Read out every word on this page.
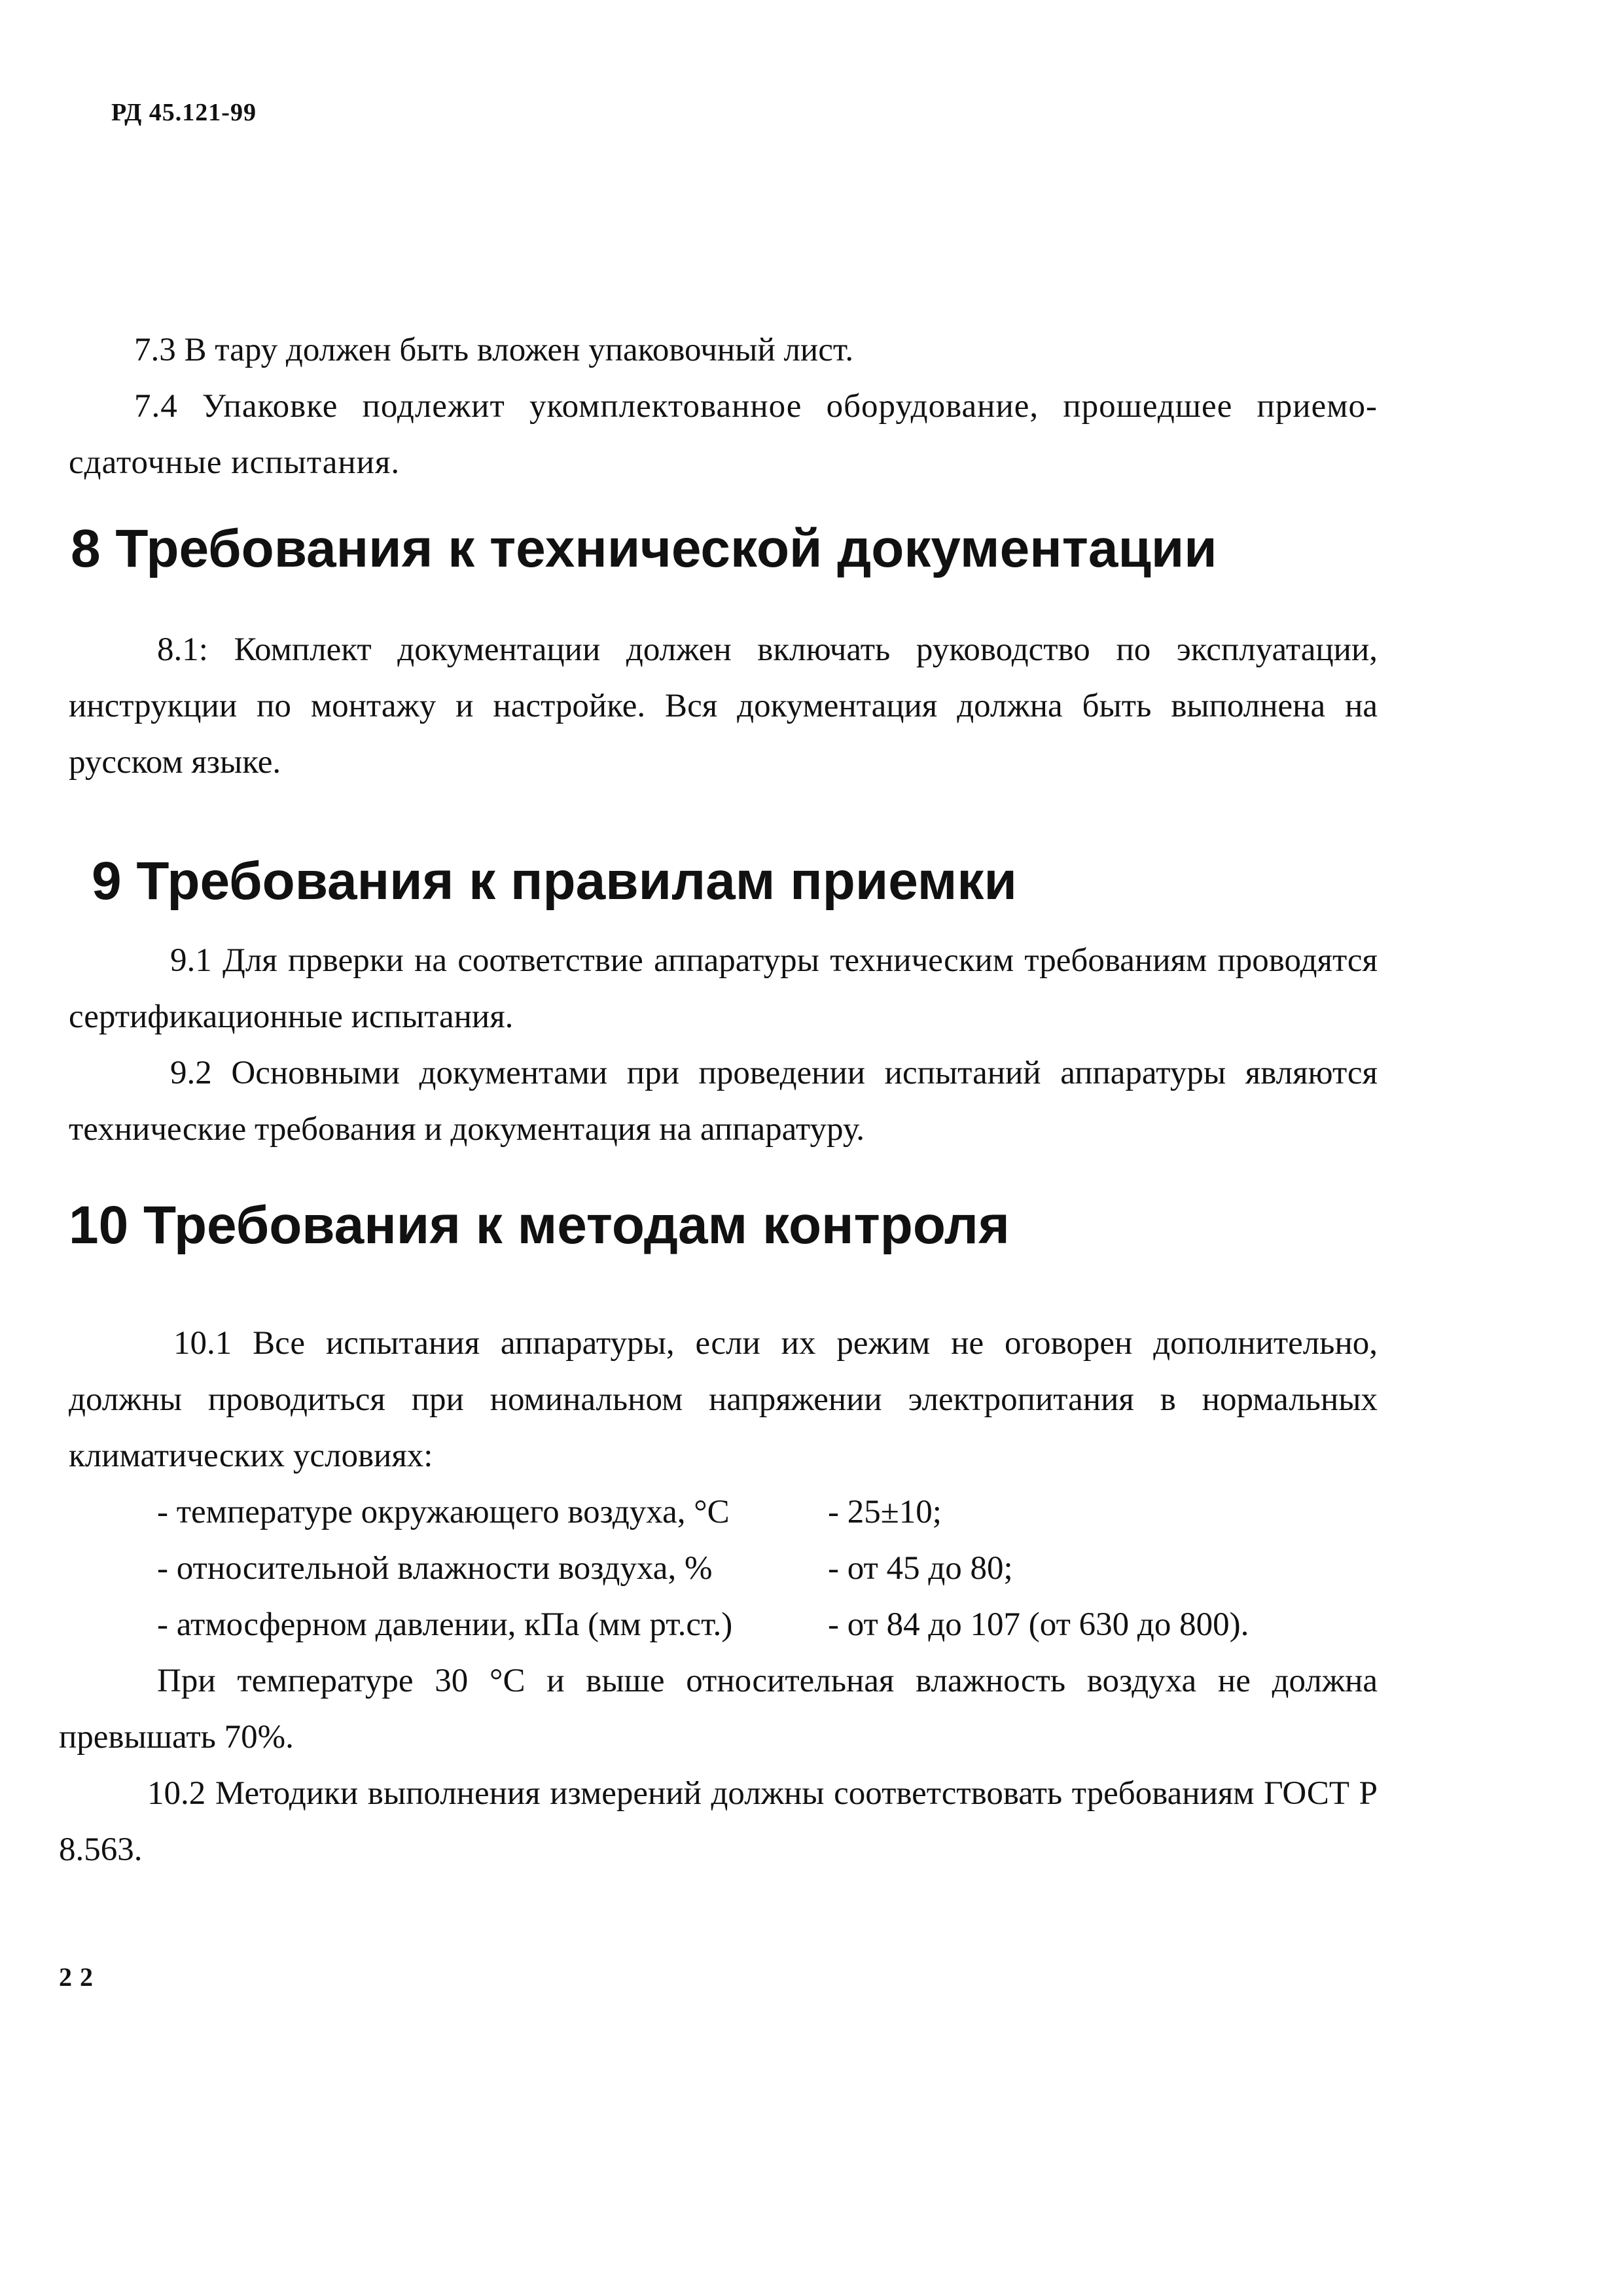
РД 45.121-99

7.3 В тару должен быть вложен упаковочный лист.

7.4 Упаковке подлежит укомплектованное оборудование, прошедшее приемо-сдаточные испытания.

8 Требования к технической документации

8.1: Комплект документации должен включать руководство по эксплуатации, инструкции по монтажу и настройке. Вся документация должна быть выполнена на русском языке.

9 Требования к правилам приемки

9.1 Для прверки на соответствие аппаратуры техническим требованиям проводятся сертификационные испытания.

9.2 Основными документами при проведении испытаний аппаратуры являются технические требования и документация на аппаратуру.

10 Требования к методам контроля

10.1 Все испытания аппаратуры, если их режим не оговорен дополнительно, должны проводиться при номинальном напряжении электропитания в нормальных климатических условиях:

- температуре окружающего воздуха, °С	- 25±10;
- относительной влажности воздуха, %	- от 45 до 80;
- атмосферном давлении, кПа (мм рт.ст.)	- от 84 до 107 (от 630 до 800).

При температуре 30 °С и выше относительная влажность воздуха не должна превышать 70%.

10.2 Методики выполнения измерений должны соответствовать требованиям ГОСТ Р 8.563.

22
